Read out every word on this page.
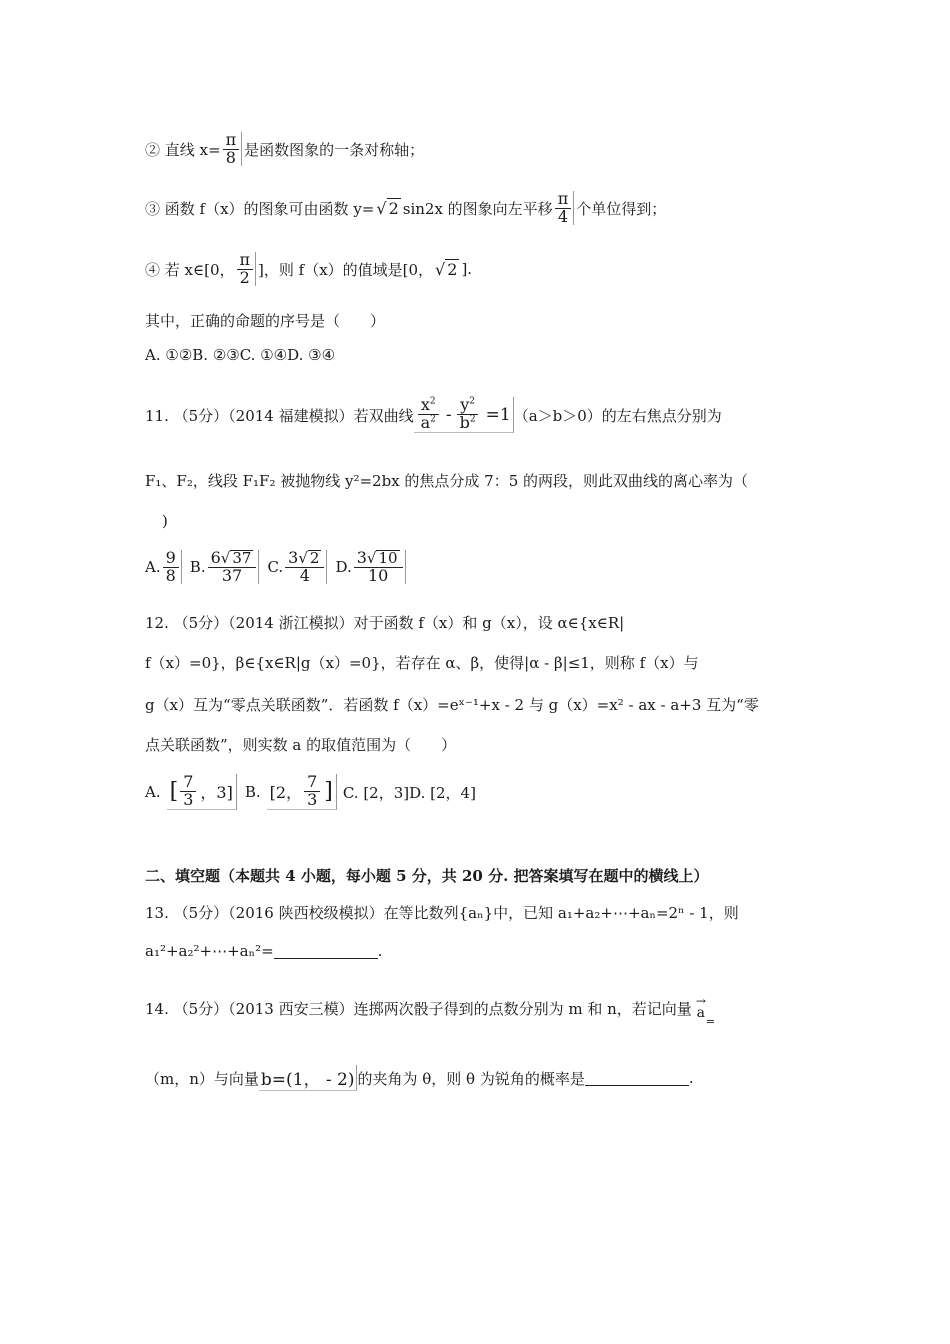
② 直线 $x= \frac{\pi}{8}$ 是函数图象的一条对称轴；
③ 函数 f（x）的图象可由函数 y= √ 2 sin2x 的图象向左平移 $\frac{\pi}{4}$ 个单位得到；
④ 若 x∈[0， $\frac{\pi}{2}$ ]，则 f（x）的值域是[0， √ 2 ].
其中，正确的命题的序号是（　　）
A. ①②B. ②③C. ①④D. ③④
11. （5分）（2014 福建模拟）若双曲线 $\frac{x^2}{a^2} - \frac{y^2}{b^2} =1$ （a＞b＞0）的左右焦点分别为
F₁、F₂，线段 F₁F₂ 被抛物线 y²=2bx 的焦点分成 7：5 的两段，则此双曲线的离心率为（
)
A. $\frac{9}{8} B$. $\frac{6√ 37}{37} C$. $\frac{3√ 2}{4} D$. $\frac{3√ 10}{10}$
12. （5分）（2014 浙江模拟）对于函数 f（x）和 g（x），设 α∈{x∈R|
f（x）=0}，β∈{x∈R|g（x）=0}，若存在 α、β，使得|α - β|≤1，则称 f（x）与
g（x）互为“零点关联函数”．若函数 f（x）=eˣ⁻¹+x - 2 与 g（x）=x² - ax - a+3 互为“零
点关联函数”，则实数 a 的取值范围为（　　）
A. [ $\frac{7}{3}$ ，3] B. [2， $\frac{7}{3}$ ] C. [2，3]D. [2，4]
二、填空题（本题共 4 小题，每小题 5 分，共 20 分. 把答案填写在题中的横线上）
13. （5分）（2016 陕西校级模拟）在等比数列{aₙ}中，已知 a₁+a₂+⋯+aₙ=2ⁿ - 1，则
a₁²+a₂²+⋯+aₙ²=	.
14. （5分）（2013 西安三模）连掷两次骰子得到的点数分别为 m 和 n，若记向量 →
a
=
（m，n）与向量 b=(1， - 2) 的夹角为 θ，则 θ 为锐角的概率是	.
